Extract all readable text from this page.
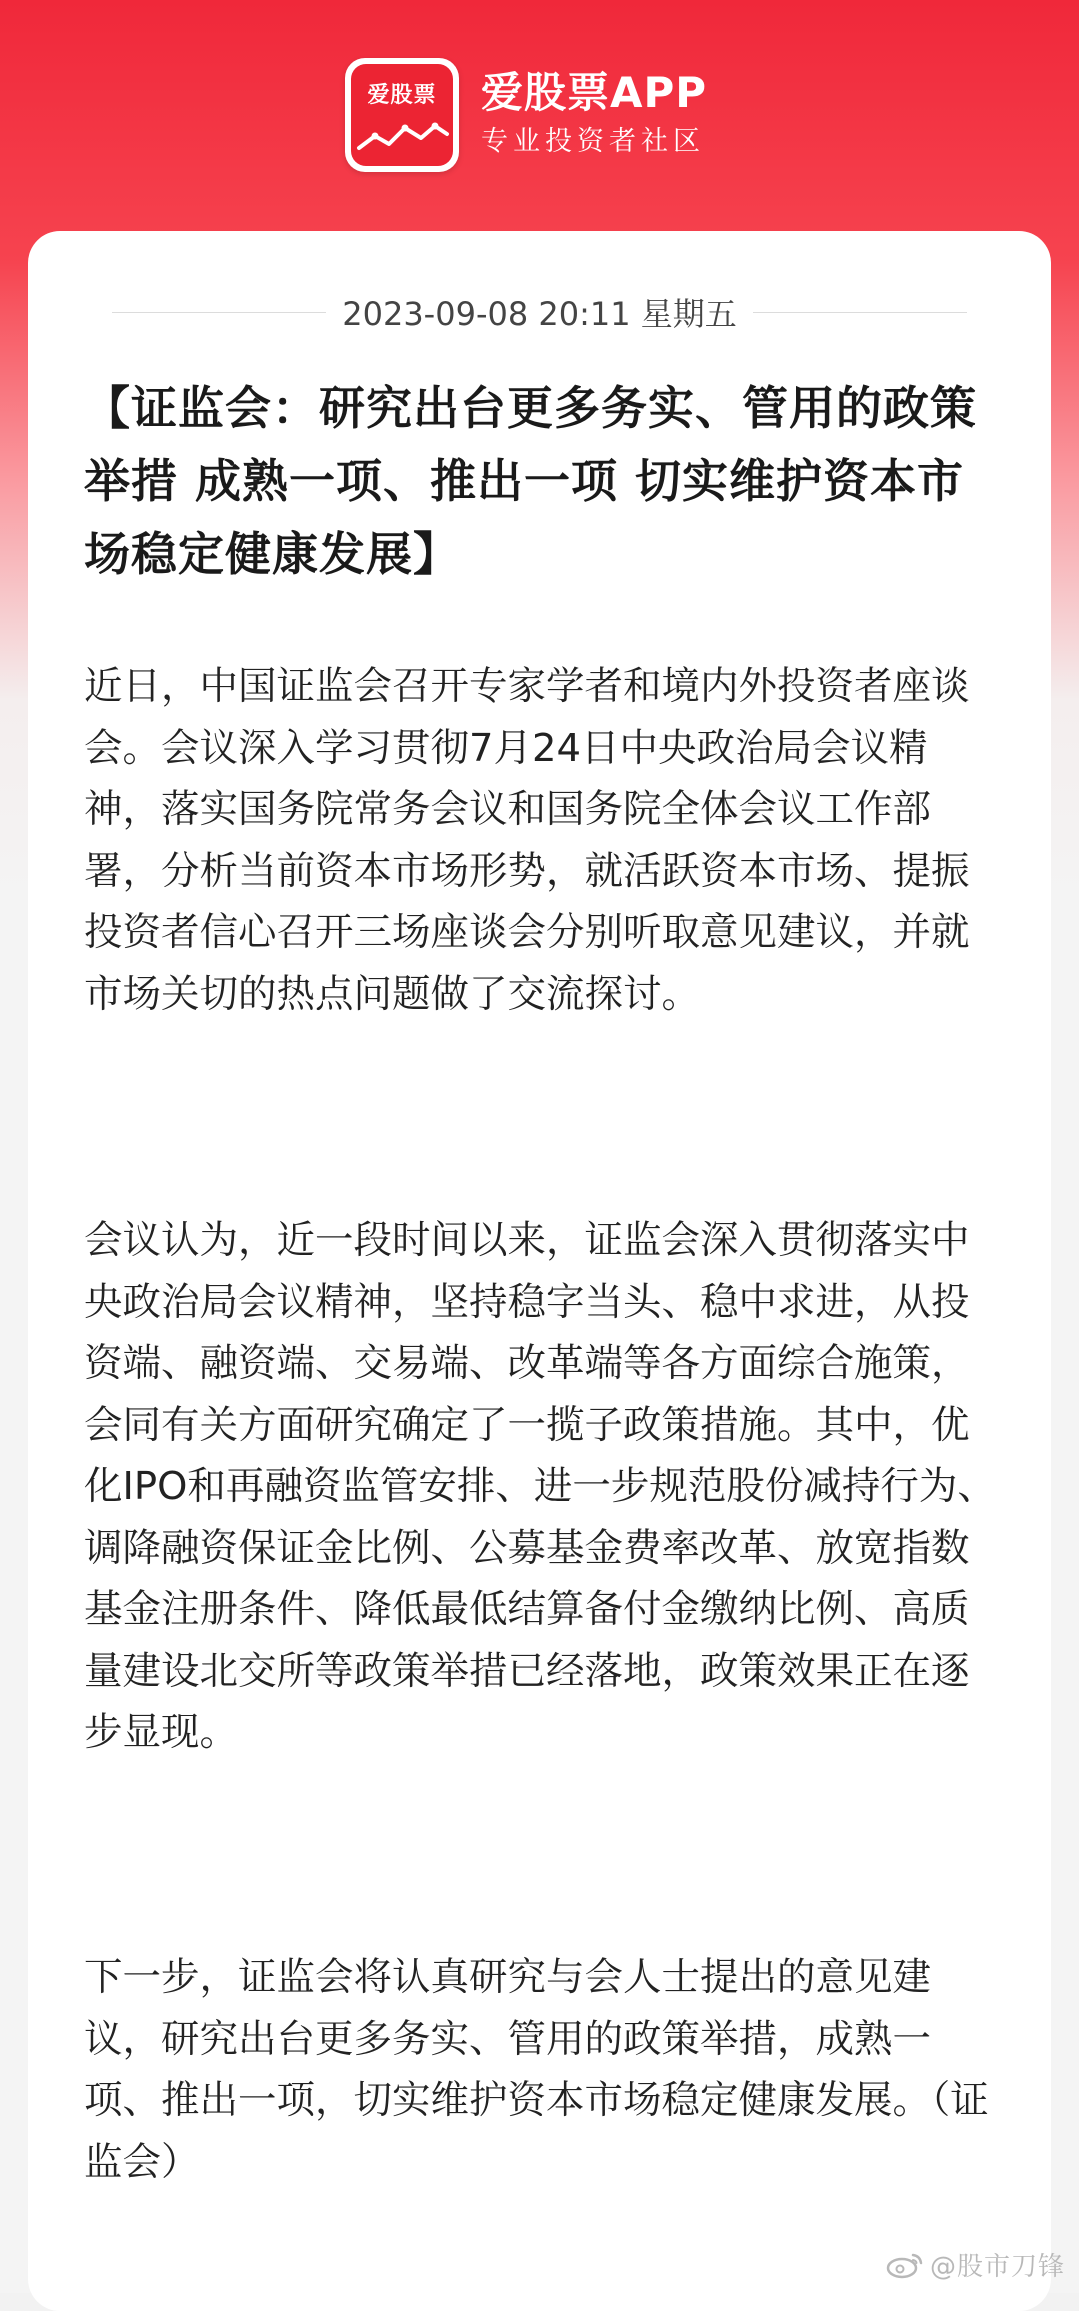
爱股票	爱股票APP
专业投资者社区
2023-09-08 20:11 星期五
【证监会：研究出台更多务实、管用的政策举措 成熟一项、推出一项 切实维护资本市场稳定健康发展】

近日，中国证监会召开专家学者和境内外投资者座谈会。会议深入学习贯彻7月24日中央政治局会议精神，落实国务院常务会议和国务院全体会议工作部署，分析当前资本市场形势，就活跃资本市场、提振投资者信心召开三场座谈会分别听取意见建议，并就市场关切的热点问题做了交流探讨。

会议认为，近一段时间以来，证监会深入贯彻落实中央政治局会议精神，坚持稳字当头、稳中求进，从投资端、融资端、交易端、改革端等各方面综合施策，会同有关方面研究确定了一揽子政策措施。其中，优化IPO和再融资监管安排、进一步规范股份减持行为、调降融资保证金比例、公募基金费率改革、放宽指数基金注册条件、降低最低结算备付金缴纳比例、高质量建设北交所等政策举措已经落地，政策效果正在逐步显现。

下一步，证监会将认真研究与会人士提出的意见建议，研究出台更多务实、管用的政策举措，成熟一项、推出一项，切实维护资本市场稳定健康发展。（证监会）

@股市刀锋
